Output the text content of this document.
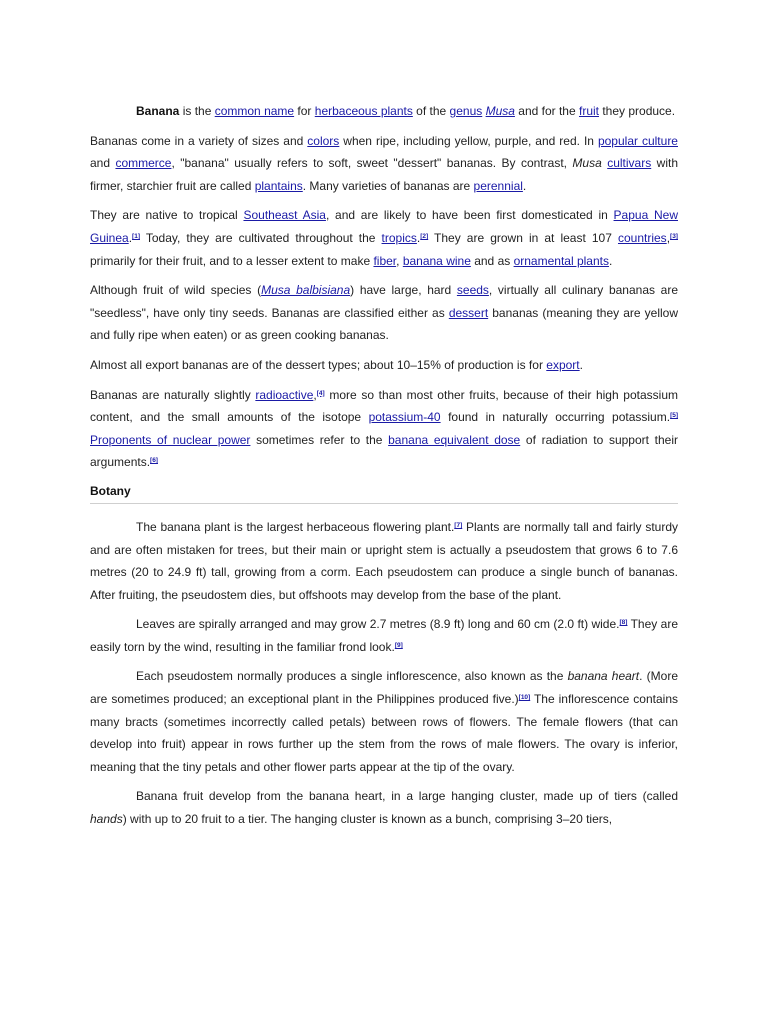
Banana is the common name for herbaceous plants of the genus Musa and for the fruit they produce.

Bananas come in a variety of sizes and colors when ripe, including yellow, purple, and red. In popular culture and commerce, "banana" usually refers to soft, sweet "dessert" bananas. By contrast, Musa cultivars with firmer, starchier fruit are called plantains. Many varieties of bananas are perennial.

They are native to tropical Southeast Asia, and are likely to have been first domesticated in Papua New Guinea.[1] Today, they are cultivated throughout the tropics.[2] They are grown in at least 107 countries,[3] primarily for their fruit, and to a lesser extent to make fiber, banana wine and as ornamental plants.

Although fruit of wild species (Musa balbisiana) have large, hard seeds, virtually all culinary bananas are "seedless", have only tiny seeds. Bananas are classified either as dessert bananas (meaning they are yellow and fully ripe when eaten) or as green cooking bananas.

Almost all export bananas are of the dessert types; about 10–15% of production is for export.

Bananas are naturally slightly radioactive,[4] more so than most other fruits, because of their high potassium content, and the small amounts of the isotope potassium-40 found in naturally occurring potassium.[5] Proponents of nuclear power sometimes refer to the banana equivalent dose of radiation to support their arguments.[6]

Botany

The banana plant is the largest herbaceous flowering plant.[7] Plants are normally tall and fairly sturdy and are often mistaken for trees, but their main or upright stem is actually a pseudostem that grows 6 to 7.6 metres (20 to 24.9 ft) tall, growing from a corm. Each pseudostem can produce a single bunch of bananas. After fruiting, the pseudostem dies, but offshoots may develop from the base of the plant.

Leaves are spirally arranged and may grow 2.7 metres (8.9 ft) long and 60 cm (2.0 ft) wide.[8] They are easily torn by the wind, resulting in the familiar frond look.[9]

Each pseudostem normally produces a single inflorescence, also known as the banana heart. (More are sometimes produced; an exceptional plant in the Philippines produced five.)[10] The inflorescence contains many bracts (sometimes incorrectly called petals) between rows of flowers. The female flowers (that can develop into fruit) appear in rows further up the stem from the rows of male flowers. The ovary is inferior, meaning that the tiny petals and other flower parts appear at the tip of the ovary.

Banana fruit develop from the banana heart, in a large hanging cluster, made up of tiers (called hands) with up to 20 fruit to a tier. The hanging cluster is known as a bunch, comprising 3–20 tiers,
